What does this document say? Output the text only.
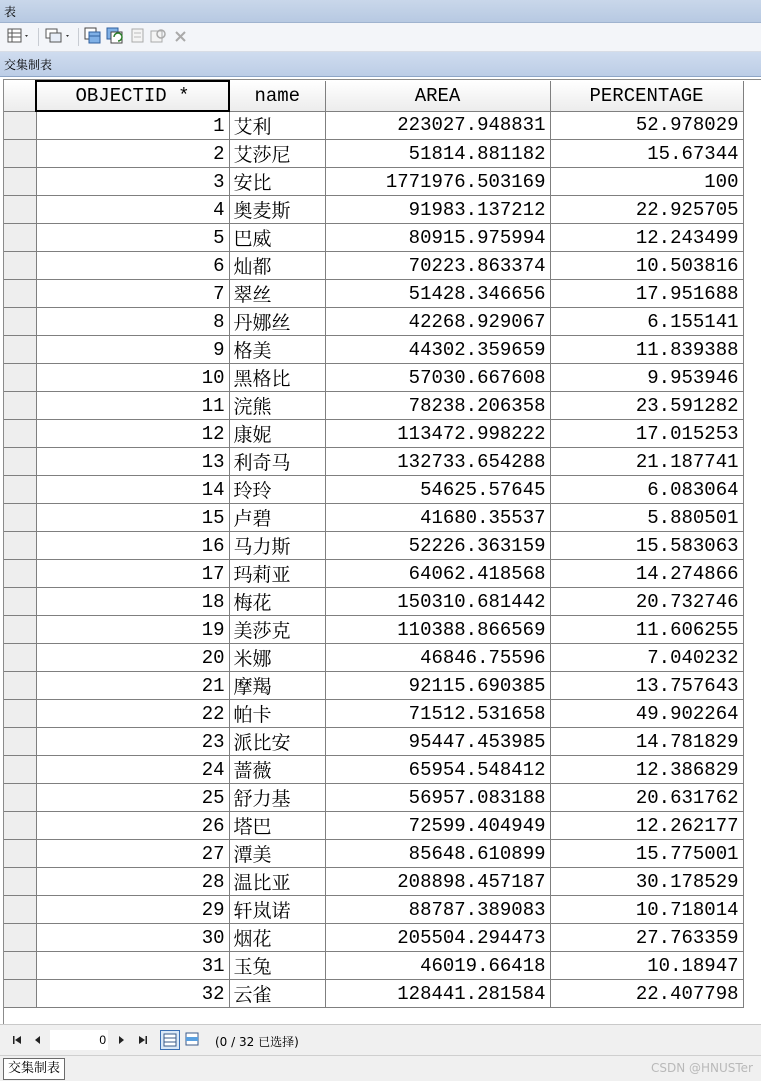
表
交集制表
	OBJECTID *	name	AREA	PERCENTAGE
	1	艾利	223027.948831	52.978029
	2	艾莎尼	51814.881182	15.67344
	3	安比	1771976.503169	100
	4	奥麦斯	91983.137212	22.925705
	5	巴威	80915.975994	12.243499
	6	灿都	70223.863374	10.503816
	7	翠丝	51428.346656	17.951688
	8	丹娜丝	42268.929067	6.155141
	9	格美	44302.359659	11.839388
	10	黑格比	57030.667608	9.953946
	11	浣熊	78238.206358	23.591282
	12	康妮	113472.998222	17.015253
	13	利奇马	132733.654288	21.187741
	14	玲玲	54625.57645	6.083064
	15	卢碧	41680.35537	5.880501
	16	马力斯	52226.363159	15.583063
	17	玛莉亚	64062.418568	14.274866
	18	梅花	150310.681442	20.732746
	19	美莎克	110388.866569	11.606255
	20	米娜	46846.75596	7.040232
	21	摩羯	92115.690385	13.757643
	22	帕卡	71512.531658	49.902264
	23	派比安	95447.453985	14.781829
	24	蔷薇	65954.548412	12.386829
	25	舒力基	56957.083188	20.631762
	26	塔巴	72599.404949	12.262177
	27	潭美	85648.610899	15.775001
	28	温比亚	208898.457187	30.178529
	29	轩岚诺	88787.389083	10.718014
	30	烟花	205504.294473	27.763359
	31	玉兔	46019.66418	10.18947
	32	云雀	128441.281584	22.407798
0	(0 / 32 已选择)
交集制表	CSDN @HNUSTer
